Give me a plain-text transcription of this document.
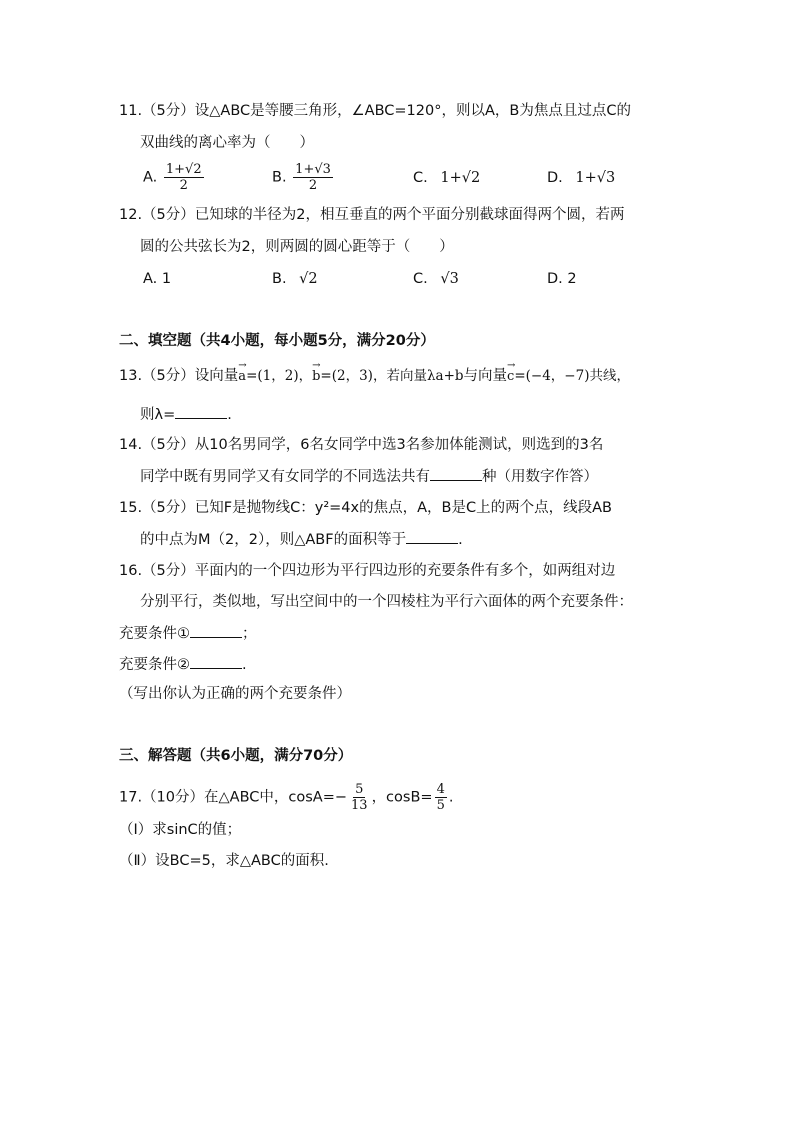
11.（5分）设△ABC是等腰三角形，∠ABC=120°，则以A，B为焦点且过点C的
双曲线的离心率为（　　）
A. $\frac{1+√2}{2}$	B. $\frac{1+√3}{2}$	C. 1+√2	D. 1+√3
12.（5分）已知球的半径为2，相互垂直的两个平面分别截球面得两个圆，若两
圆的公共弦长为2，则两圆的圆心距等于（　　）
A. 1	B. √2	C. √3	D. 2
二、填空题（共4小题，每小题5分，满分20分）
13.（5分）设向量→ a=(1，2)，→ b=(2，3)，若向量λa+b与向量→ c=(−4，−7)共线，
则λ=	.
14.（5分）从10名男同学，6名女同学中选3名参加体能测试，则选到的3名
同学中既有男同学又有女同学的不同选法共有	种（用数字作答）
15.（5分）已知F是抛物线C：y²=4x的焦点，A，B是C上的两个点，线段AB
的中点为M（2，2），则△ABF的面积等于	.
16.（5分）平面内的一个四边形为平行四边形的充要条件有多个，如两组对边
分别平行，类似地，写出空间中的一个四棱柱为平行六面体的两个充要条件：
充要条件①	；
充要条件②	.
（写出你认为正确的两个充要条件）
三、解答题（共6小题，满分70分）
17.（10分）在△ABC中，$\cos A=- \frac{5}{13}$ ，$\cos B= \frac{4}{5}$ .
（Ⅰ）求sinC的值；
（Ⅱ）设BC=5，求△ABC的面积.
